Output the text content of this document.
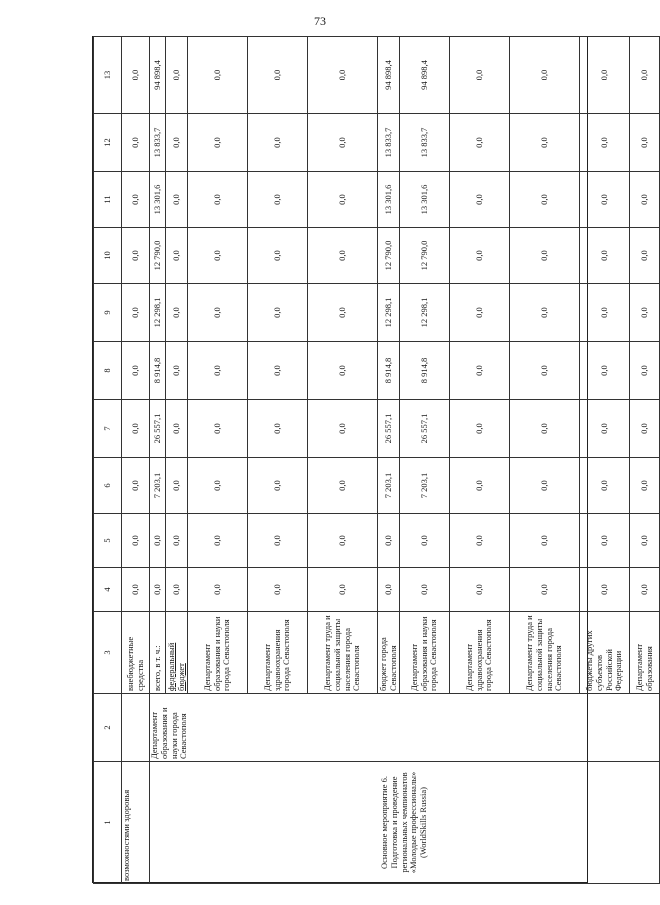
73
1	2	3	4	5	6	7	8	9	10	11	12	13
возможностями здоровья		внебюджетные средства	0,0	0,0	0,0	0,0	0,0	0,0	0,0	0,0	0,0	0,0
Основное мероприятие 6. Подготовка и проведение региональных чемпионатов «Молодые профессионалы» (WorldSkills Russia)	Департамент образования и науки города Севастополя	всего, в т. ч.:	0,0	0,0	7 203,1	26 557,1	8 914,8	12 298,1	12 790,0	13 301,6	13 833,7	94 898,4
		федеральный бюджет	0,0	0,0	0,0	0,0	0,0	0,0	0,0	0,0	0,0	0,0
		Департамент образования и науки города Севастополя	0,0	0,0	0,0	0,0	0,0	0,0	0,0	0,0	0,0	0,0
		Департамент здравоохранения города Севастополя	0,0	0,0	0,0	0,0	0,0	0,0	0,0	0,0	0,0	0,0
		Департамент труда и социальной защиты населения города Севастополя	0,0	0,0	0,0	0,0	0,0	0,0	0,0	0,0	0,0	0,0
		бюджет города Севастополя	0,0	0,0	7 203,1	26 557,1	8 914,8	12 298,1	12 790,0	13 301,6	13 833,7	94 898,4
		Департамент образования и науки города Севастополя	0,0	0,0	7 203,1	26 557,1	8 914,8	12 298,1	12 790,0	13 301,6	13 833,7	94 898,4
		Департамент здравоохранения города Севастополя	0,0	0,0	0,0	0,0	0,0	0,0	0,0	0,0	0,0	0,0
		Департамент труда и социальной защиты населения города Севастополя	0,0	0,0	0,0	0,0	0,0	0,0	0,0	0,0	0,0	0,0
		бюджеты других субъектов Российской Федерации	0,0	0,0	0,0	0,0	0,0	0,0	0,0	0,0	0,0	0,0
		Департамент образования	0,0	0,0	0,0	0,0	0,0	0,0	0,0	0,0	0,0	0,0
